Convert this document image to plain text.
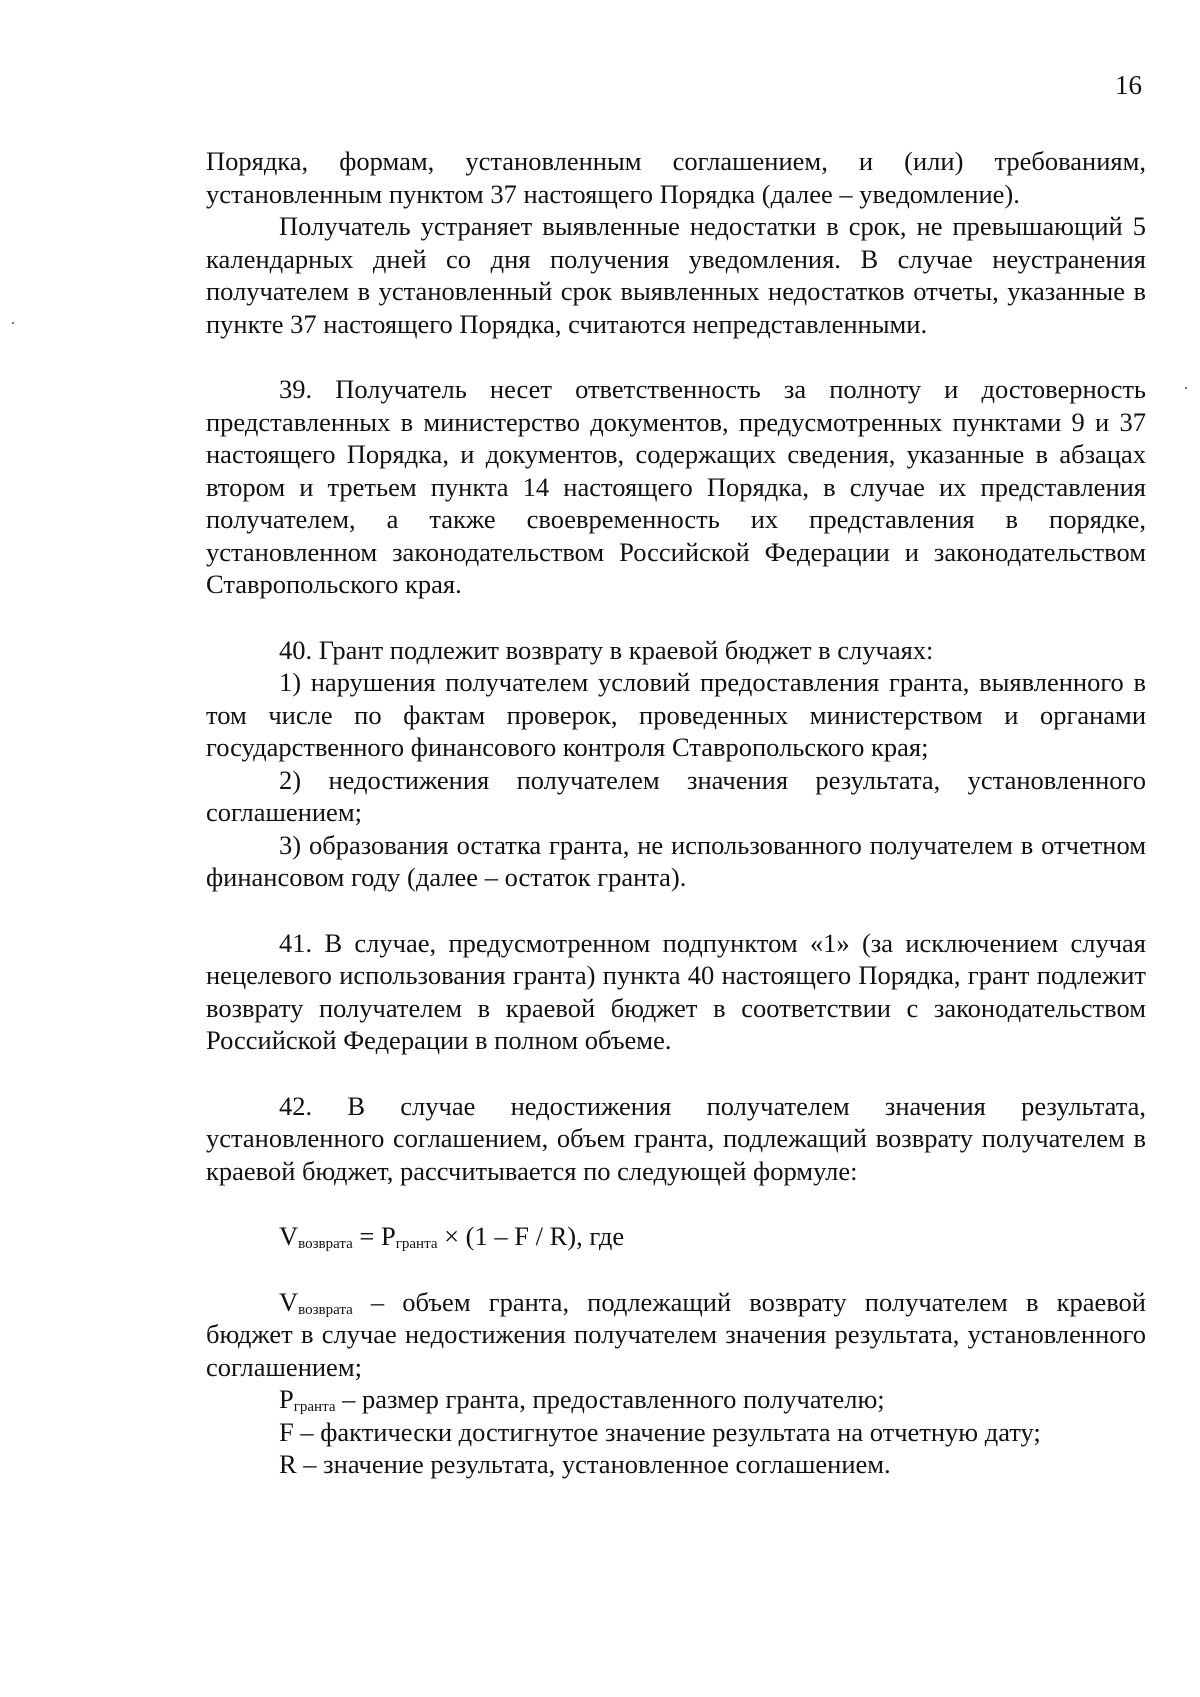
16

Порядка, формам, установленным соглашением, и (или) требованиям, установленным пунктом 37 настоящего Порядка (далее – уведомление).

Получатель устраняет выявленные недостатки в срок, не превышающий 5 календарных дней со дня получения уведомления. В случае неустранения получателем в установленный срок выявленных недостатков отчеты, указанные в пункте 37 настоящего Порядка, считаются непредставленными.

39. Получатель несет ответственность за полноту и достоверность представленных в министерство документов, предусмотренных пунктами 9 и 37 настоящего Порядка, и документов, содержащих сведения, указанные в абзацах втором и третьем пункта 14 настоящего Порядка, в случае их представления получателем, а также своевременность их представления в порядке, установленном законодательством Российской Федерации и законодательством Ставропольского края.

40. Грант подлежит возврату в краевой бюджет в случаях:

1) нарушения получателем условий предоставления гранта, выявленного в том числе по фактам проверок, проведенных министерством и органами государственного финансового контроля Ставропольского края;

2) недостижения получателем значения результата, установленного соглашением;

3) образования остатка гранта, не использованного получателем в отчетном финансовом году (далее – остаток гранта).

41. В случае, предусмотренном подпунктом «1» (за исключением случая нецелевого использования гранта) пункта 40 настоящего Порядка, грант подлежит возврату получателем в краевой бюджет в соответствии с законодательством Российской Федерации в полном объеме.

42. В случае недостижения получателем значения результата, установленного соглашением, объем гранта, подлежащий возврату получателем в краевой бюджет, рассчитывается по следующей формуле:

$V_{возврата} = P_{гранта} \times (1 - F / R)$, где

$V_{возврата}$ – объем гранта, подлежащий возврату получателем в краевой бюджет в случае недостижения получателем значения результата, установленного соглашением;

$P_{гранта}$ – размер гранта, предоставленного получателю;

F – фактически достигнутое значение результата на отчетную дату;

R – значение результата, установленное соглашением.
